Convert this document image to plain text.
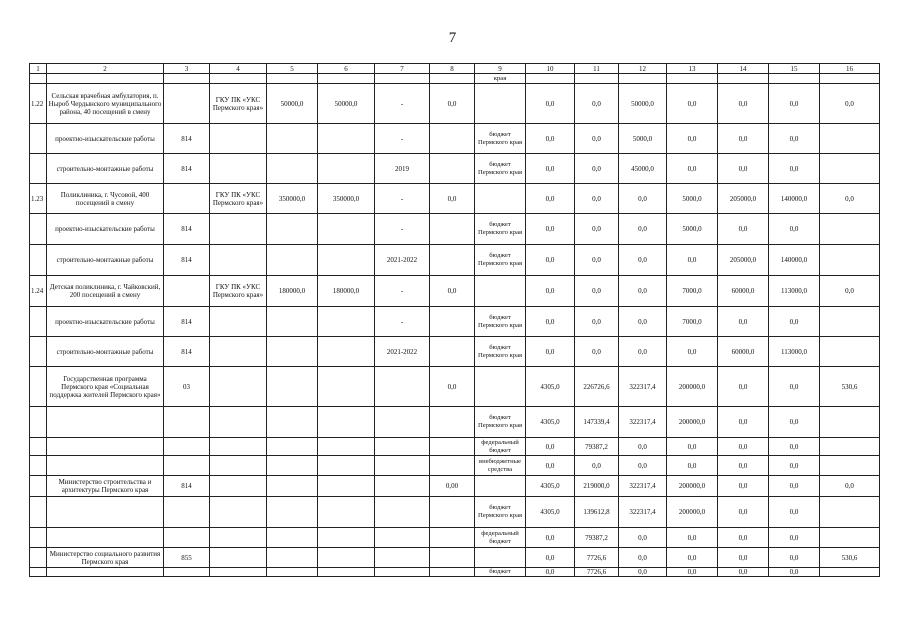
7
1	2	3	4	5	6	7	8	9	10	11	12	13	14	15	16
								края							
1.22	Сельская врачебная амбулатория, п. Ныроб Чердынского муниципального района, 40 посещений в смену		ГКУ ПК «УКС Пермского края»	50000,0	50000,0	-	0,0		0,0	0,0	50000,0	0,0	0,0	0,0	0,0
	проектно-изыскательские работы	814				-		бюджет Пермского края	0,0	0,0	5000,0	0,0	0,0	0,0	
	строительно-монтажные работы	814				2019		бюджет Пермского края	0,0	0,0	45000,0	0,0	0,0	0,0	
1.23	Поликлиника, г. Чусовой, 400 посещений в смену		ГКУ ПК «УКС Пермского края»	350000,0	350000,0	-	0,0		0,0	0,0	0,0	5000,0	205000,0	140000,0	0,0
	проектно-изыскательские работы	814				-		бюджет Пермского края	0,0	0,0	0,0	5000,0	0,0	0,0	
	строительно-монтажные работы	814				2021-2022		бюджет Пермского края	0,0	0,0	0,0	0,0	205000,0	140000,0	
1.24	Детская поликлиника, г. Чайковский, 200 посещений в смену		ГКУ ПК «УКС Пермского края»	180000,0	180000,0	-	0,0		0,0	0,0	0,0	7000,0	60000,0	113000,0	0,0
	проектно-изыскательские работы	814				-		бюджет Пермского края	0,0	0,0	0,0	7000,0	0,0	0,0	
	строительно-монтажные работы	814				2021-2022		бюджет Пермского края	0,0	0,0	0,0	0,0	60000,0	113000,0	
	Государственная программа Пермского края «Социальная поддержка жителей Пермского края»	03					0,0		4305,0	226726,6	322317,4	200000,0	0,0	0,0	530,6
								бюджет Пермского края	4305,0	147339,4	322317,4	200000,0	0,0	0,0	
								федеральный бюджет	0,0	79387,2	0,0	0,0	0,0	0,0	
								внебюджетные средства	0,0	0,0	0,0	0,0	0,0	0,0	
	Министерство строительства и архитектуры Пермского края	814					0,00		4305,0	219000,0	322317,4	200000,0	0,0	0,0	0,0
								бюджет Пермского края	4305,0	139612,8	322317,4	200000,0	0,0	0,0	
								федеральный бюджет	0,0	79387,2	0,0	0,0	0,0	0,0	
	Министерство социального развития Пермского края	855							0,0	7726,6	0,0	0,0	0,0	0,0	530,6
								бюджет	0,0	7726,6	0,0	0,0	0,0	0,0	
